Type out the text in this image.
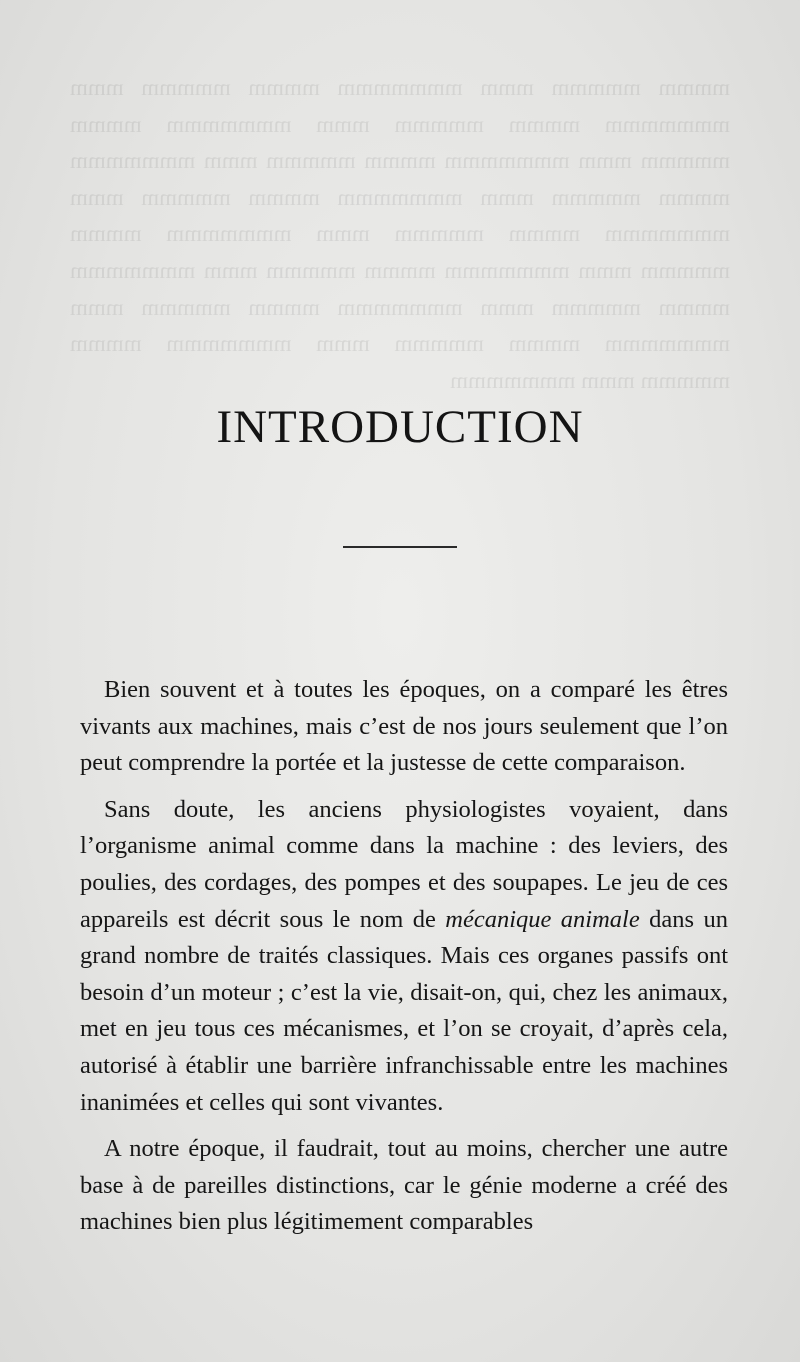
mmmm mmmmm mmm mmmmmmm mmmm mmmmm mmm mmmmmmm mmmm mmmmm mmm mmmmmmm mmmm mmmmm mmm mmmmmmm mmmm mmmmm mmm mmmmmmm mmmm mmmmm mmm mmmmmmm mmmm mmmmm mmm mmmmmmm mmmm mmmmm mmm mmmmmmm mmmm mmmmm mmm mmmmmmm mmmm mmmmm mmm mmmmmmm mmmm mmmmm mmm mmmmmmm mmmm mmmmm mmm mmmmmmm mmmm mmmmm mmm mmmmmmm mmmm mmmmm mmm mmmmmmm
INTRODUCTION

Bien souvent et à toutes les époques, on a comparé les êtres vivants aux machines, mais c’est de nos jours seulement que l’on peut comprendre la portée et la justesse de cette comparaison.

Sans doute, les anciens physiologistes voyaient, dans l’organisme animal comme dans la machine : des leviers, des poulies, des cordages, des pompes et des soupapes. Le jeu de ces appareils est décrit sous le nom de mécanique animale dans un grand nombre de traités classiques. Mais ces organes passifs ont besoin d’un moteur ; c’est la vie, disait-on, qui, chez les animaux, met en jeu tous ces mécanismes, et l’on se croyait, d’après cela, autorisé à établir une barrière infranchissable entre les machines inanimées et celles qui sont vivantes.

A notre époque, il faudrait, tout au moins, chercher une autre base à de pareilles distinctions, car le génie moderne a créé des machines bien plus légitimement comparables
